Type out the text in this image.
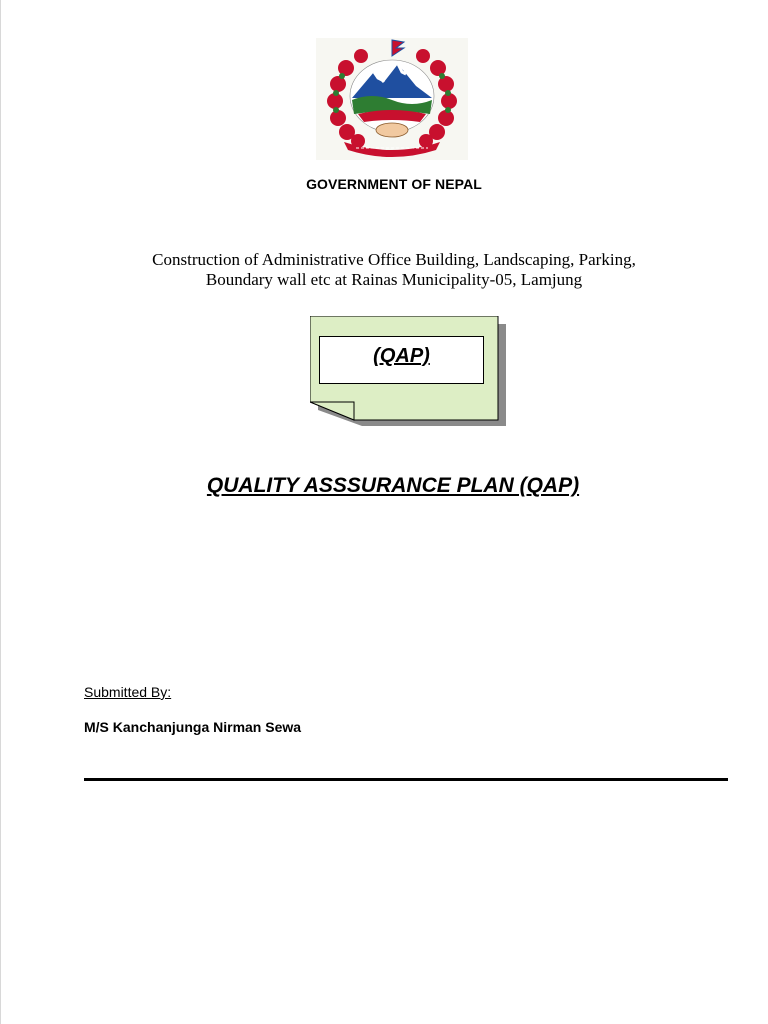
GOVERNMENT OF NEPAL
Construction of Administrative Office Building, Landscaping, Parking,
Boundary wall etc at Rainas Municipality-05, Lamjung
(QAP)
QUALITY ASSSURANCE PLAN (QAP)
Submitted By:
M/S Kanchanjunga Nirman Sewa
